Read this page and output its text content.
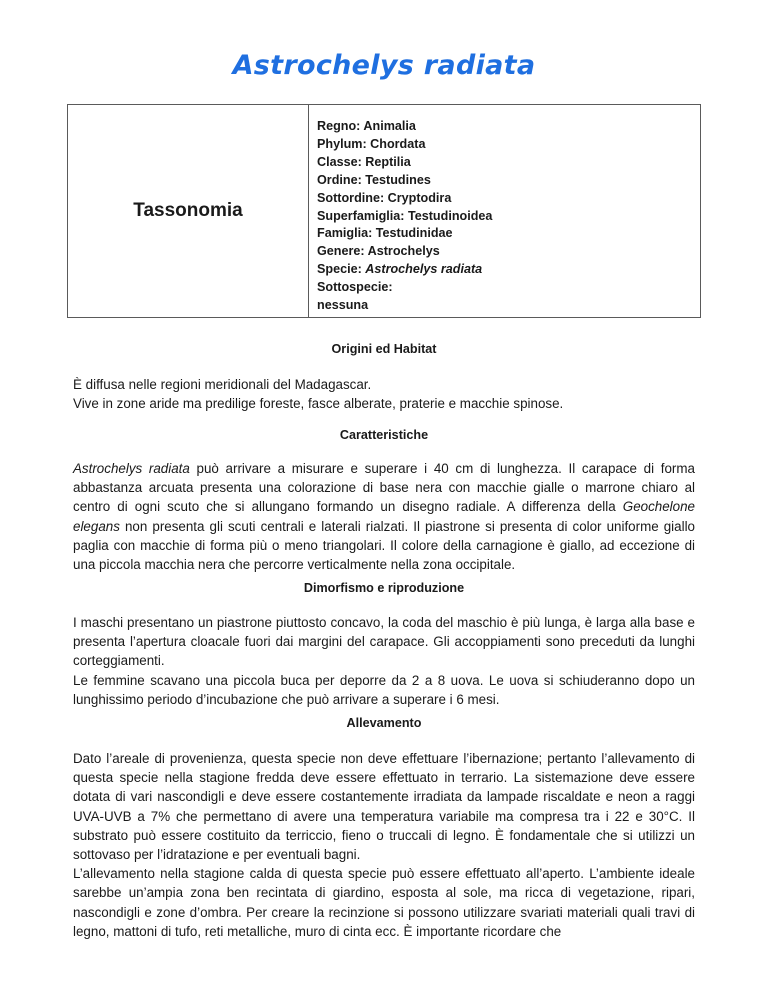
Astrochelys radiata
Tassonomia
Regno: Animalia
Phylum: Chordata
Classe: Reptilia
Ordine: Testudines
Sottordine: Cryptodira
Superfamiglia: Testudinoidea
Famiglia: Testudinidae
Genere: Astrochelys
Specie: Astrochelys radiata
Sottospecie:
nessuna
Origini ed Habitat

È diffusa nelle regioni meridionali del Madagascar.

Vive in zone aride ma predilige foreste, fasce alberate, praterie e macchie spinose.

Caratteristiche

Astrochelys radiata può arrivare a misurare e superare i 40 cm di lunghezza. Il carapace di forma abbastanza arcuata presenta una colorazione di base nera con macchie gialle o marrone chiaro al centro di ogni scuto che si allungano formando un disegno radiale. A differenza della Geochelone elegans non presenta gli scuti centrali e laterali rialzati. Il piastrone si presenta di color uniforme giallo paglia con macchie di forma più o meno triangolari. Il colore della carnagione è giallo, ad eccezione di una piccola macchia nera che percorre verticalmente nella zona occipitale.

Dimorfismo e riproduzione

I maschi presentano un piastrone piuttosto concavo, la coda del maschio è più lunga, è larga alla base e presenta l’apertura cloacale fuori dai margini del carapace. Gli accoppiamenti sono preceduti da lunghi corteggiamenti.

Le femmine scavano una piccola buca per deporre da 2 a 8 uova. Le uova si schiuderanno dopo un lunghissimo periodo d’incubazione che può arrivare a superare i 6 mesi.

Allevamento

Dato l’areale di provenienza, questa specie non deve effettuare l’ibernazione; pertanto l’allevamento di questa specie nella stagione fredda deve essere effettuato in terrario. La sistemazione deve essere dotata di vari nascondigli e deve essere costantemente irradiata da lampade riscaldate e neon a raggi UVA-UVB a 7% che permettano di avere una temperatura variabile ma compresa tra i 22 e 30°C. Il substrato può essere costituito da terriccio, fieno o truccali di legno. È fondamentale che si utilizzi un sottovaso per l’idratazione e per eventuali bagni.

L’allevamento nella stagione calda di questa specie può essere effettuato all’aperto. L’ambiente ideale sarebbe un’ampia zona ben recintata di giardino, esposta al sole, ma ricca di vegetazione, ripari, nascondigli e zone d’ombra. Per creare la recinzione si possono utilizzare svariati materiali quali travi di legno, mattoni di tufo, reti metalliche, muro di cinta ecc. È importante ricordare che
